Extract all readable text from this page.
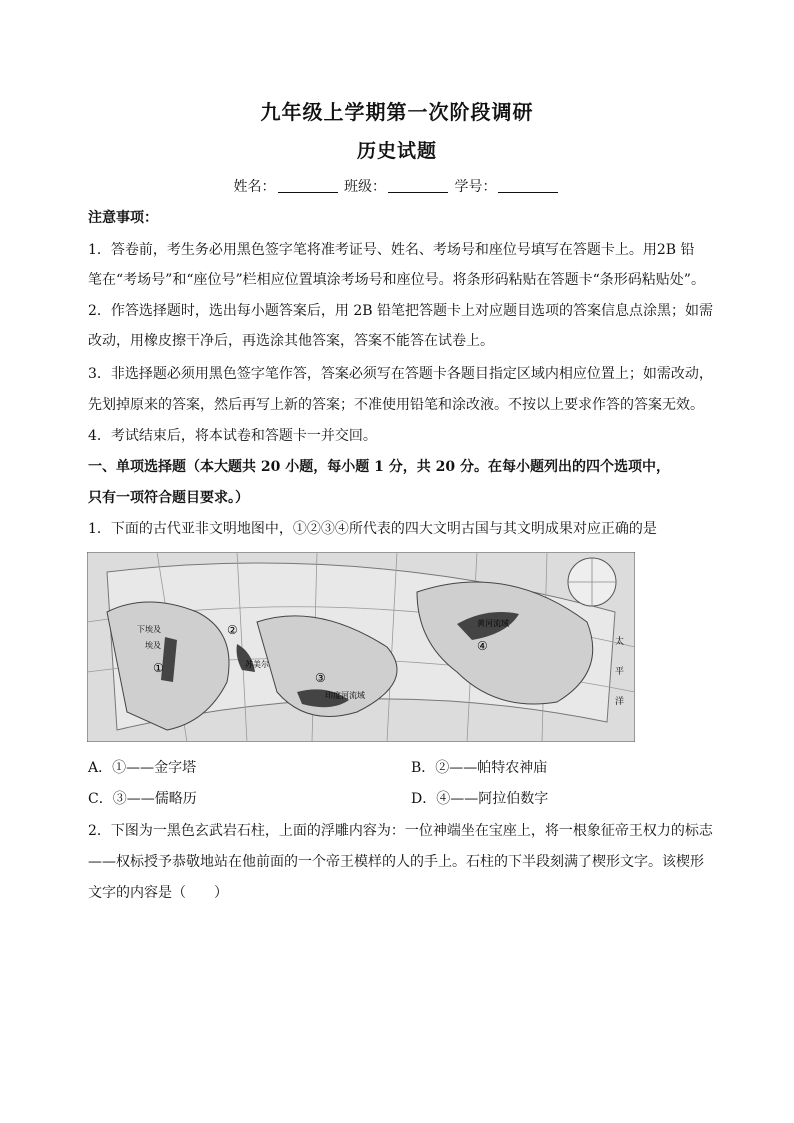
九年级上学期第一次阶段调研
历史试题
姓名：	班级：	学号：
注意事项：
1．答卷前，考生务必用黑色签字笔将准考证号、姓名、考场号和座位号填写在答题卡上。用2B 铅
笔在“考场号”和“座位号”栏相应位置填涂考场号和座位号。将条形码粘贴在答题卡“条形码粘贴处”。
2．作答选择题时，选出每小题答案后，用 2B 铅笔把答题卡上对应题目选项的答案信息点涂黑；如需
改动，用橡皮擦干净后，再选涂其他答案，答案不能答在试卷上。
3．非选择题必须用黑色签字笔作答，答案必须写在答题卡各题目指定区域内相应位置上；如需改动，
先划掉原来的答案，然后再写上新的答案；不准使用铅笔和涂改液。不按以上要求作答的答案无效。
4．考试结束后，将本试卷和答题卡一并交回。
一、单项选择题（本大题共 20 小题，每小题 1 分，共 20 分。在每小题列出的四个选项中，
只有一项符合题目要求。）
1．下面的古代亚非文明地图中，①②③④所代表的四大文明古国与其文明成果对应正确的是
①
②
③
④
埃及
苏美尔
印度河流域
黄河流域
下埃及
太
平
洋
A．①——金字塔	B．②——帕特农神庙
C．③——儒略历	D．④——阿拉伯数字
2．下图为一黑色玄武岩石柱，上面的浮雕内容为：一位神端坐在宝座上，将一根象征帝王权力的标志
——权标授予恭敬地站在他前面的一个帝王模样的人的手上。石柱的下半段刻满了楔形文字。该楔形
文字的内容是（　　）
